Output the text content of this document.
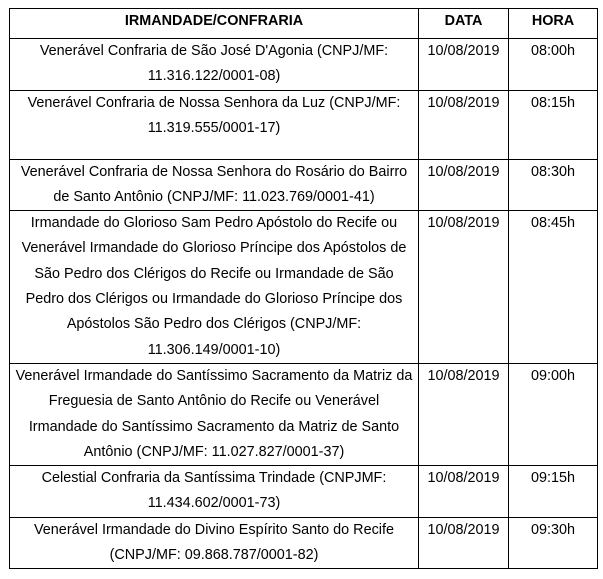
IRMANDADE/CONFRARIA	DATA	HORA
Venerável Confraria de São José D'Agonia (CNPJ/MF: 11.316.122/0001-08)	10/08/2019	08:00h
Venerável Confraria de Nossa Senhora da Luz (CNPJ/MF: 11.319.555/0001-17)	10/08/2019	08:15h
Venerável Confraria de Nossa Senhora do Rosário do Bairro de Santo Antônio (CNPJ/MF: 11.023.769/0001-41)	10/08/2019	08:30h
Irmandade do Glorioso Sam Pedro Apóstolo do Recife ou Venerável Irmandade do Glorioso Príncipe dos Apóstolos de São Pedro dos Clérigos do Recife ou Irmandade de São Pedro dos Clérigos ou Irmandade do Glorioso Príncipe dos Apóstolos São Pedro dos Clérigos (CNPJ/MF: 11.306.149/0001-10)	10/08/2019	08:45h
Venerável Irmandade do Santíssimo Sacramento da Matriz da Freguesia de Santo Antônio do Recife ou Venerável Irmandade do Santíssimo Sacramento da Matriz de Santo Antônio (CNPJ/MF: 11.027.827/0001-37)	10/08/2019	09:00h
Celestial Confraria da Santíssima Trindade (CNPJMF: 11.434.602/0001-73)	10/08/2019	09:15h
Venerável Irmandade do Divino Espírito Santo do Recife (CNPJ/MF: 09.868.787/0001-82)	10/08/2019	09:30h
